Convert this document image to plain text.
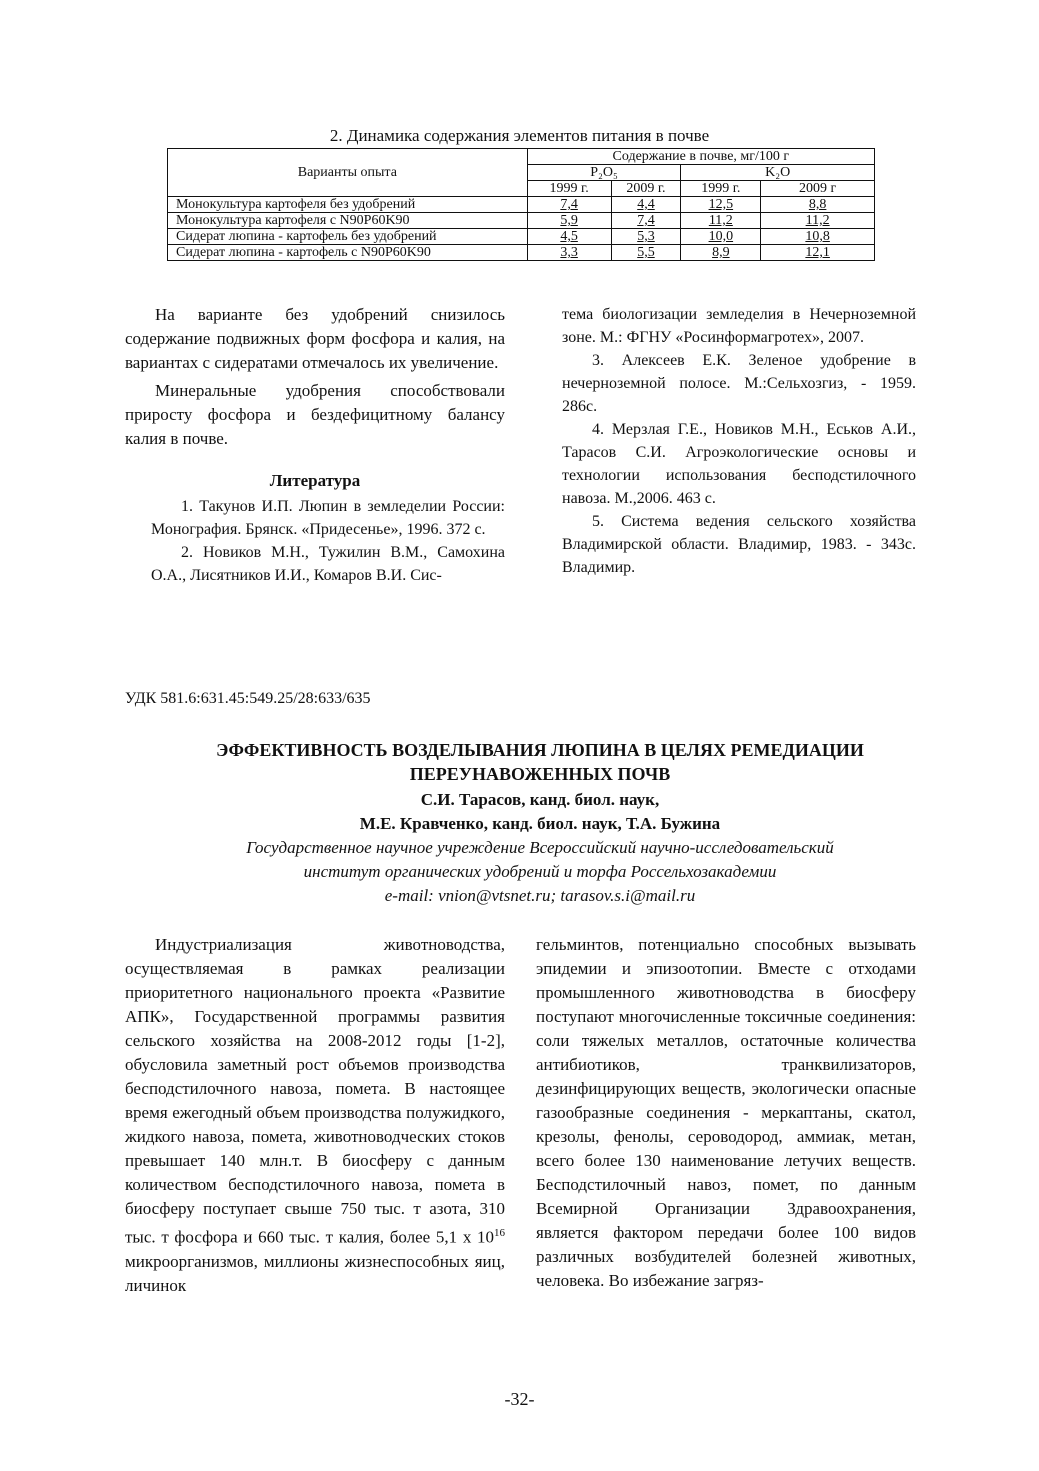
2. Динамика содержания элементов питания в почве
Варианты опыта	Содержание в почве, мг/100 г			
	P₂O₅		K₂O	
	1999 г.	2009 г.	1999 г.	2009 г
Монокультура картофеля без удобрений	7,4	4,4	12,5	8,8
Монокультура картофеля с N90P60K90	5,9	7,4	11,2	11,2
Сидерат люпина - картофель без удобрений	4,5	5,3	10,0	10,8
Сидерат люпина - картофель с N90P60K90	3,3	5,5	8,9	12,1

На варианте без удобрений снизилось содержание подвижных форм фосфора и калия, на вариантах с сидератами отмечалось их увеличение.

Минеральные удобрения способствовали приросту фосфора и бездефицитному балансу калия в почве.

Литература

1. Такунов И.П. Люпин в земледелии России: Монография. Брянск. «Придесенье», 1996. 372 с.

2. Новиков М.Н., Тужилин В.М., Самохина О.А., Лисятников И.И., Комаров В.И. Сис-

тема биологизации земледелия в Нечерноземной зоне. М.: ФГНУ «Росинформагротех», 2007.

3. Алексеев Е.К. Зеленое удобрение в нечерноземной полосе. М.:Сельхозгиз, - 1959. 286с.

4. Мерзлая Г.Е., Новиков М.Н., Еськов А.И., Тарасов С.И. Агроэкологические основы и технологии использования бесподстилочного навоза. М.,2006. 463 с.

5. Система ведения сельского хозяйства Владимирской области. Владимир, 1983. - 343с. Владимир.

УДК 581.6:631.45:549.25/28:633/635
ЭФФЕКТИВНОСТЬ ВОЗДЕЛЫВАНИЯ ЛЮПИНА В ЦЕЛЯХ РЕМЕДИАЦИИ
ПЕРЕУНАВОЖЕННЫХ ПОЧВ
С.И. Тарасов, канд. биол. наук,
М.Е. Кравченко, канд. биол. наук, Т.А. Бужина
Государственное научное учреждение Всероссийский научно-исследовательский
институт органических удобрений и торфа Россельхозакадемии
e-mail: vnion@vtsnet.ru; tarasov.s.i@mail.ru

Индустриализация животноводства, осуществляемая в рамках реализации приоритетного национального проекта «Развитие АПК», Государственной программы развития сельского хозяйства на 2008-2012 годы [1-2], обусловила заметный рост объемов производства бесподстилочного навоза, помета. В настоящее время ежегодный объем производства полужидкого, жидкого навоза, помета, животноводческих стоков превышает 140 млн.т. В биосферу с данным количеством бесподстилочного навоза, помета в биосферу поступает свыше 750 тыс. т азота, 310 тыс. т фосфора и 660 тыс. т калия, более 5,1 х $10^{16}$ микроорганизмов, миллионы жизнеспособных яиц, личинок

гельминтов, потенциально способных вызывать эпидемии и эпизоотопии. Вместе с отходами промышленного животноводства в биосферу поступают многочисленные токсичные соединения: соли тяжелых металлов, остаточные количества антибиотиков, транквилизаторов, дезинфицирующих веществ, экологически опасные газообразные соединения - меркаптаны, скатол, крезолы, фенолы, сероводород, аммиак, метан, всего более 130 наименование летучих веществ. Бесподстилочный навоз, помет, по данным Всемирной Организации Здравоохранения, является фактором передачи более 100 видов различных возбудителей болезней животных, человека. Во избежание загряз-

-32-
